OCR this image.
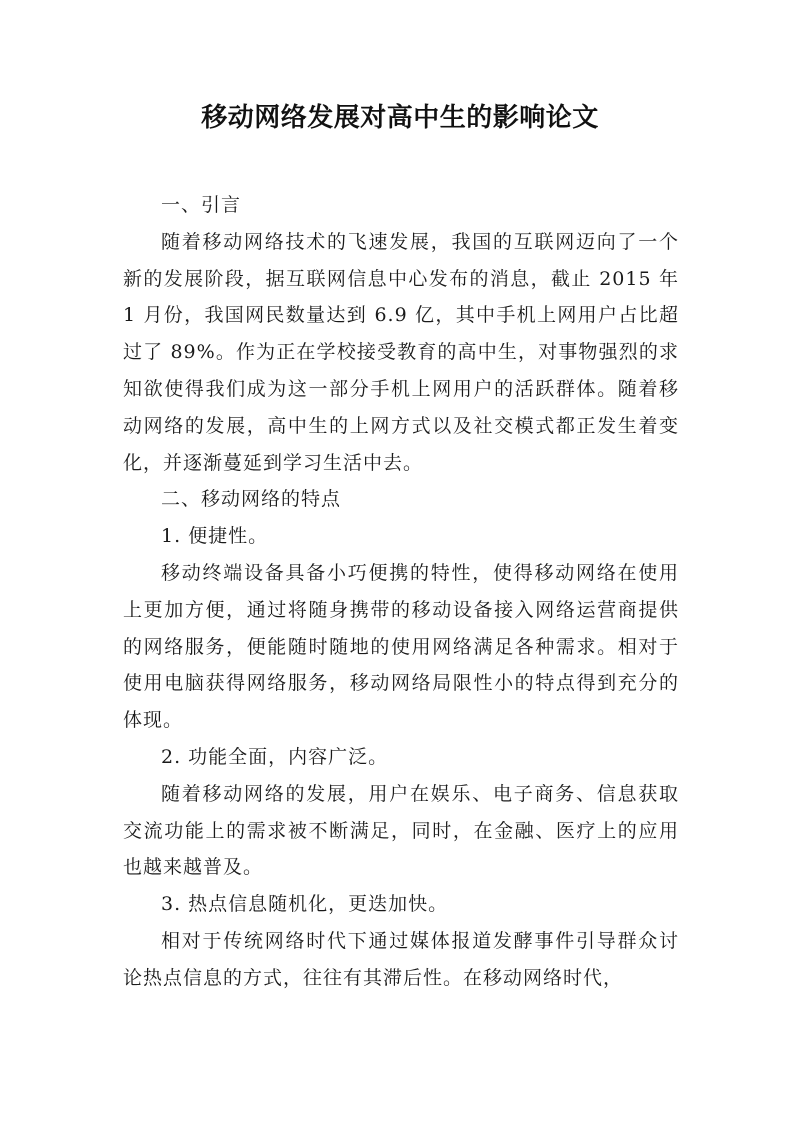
移动网络发展对高中生的影响论文

一、引言

随着移动网络技术的飞速发展，我国的互联网迈向了一个新的发展阶段，据互联网信息中心发布的消息，截止 2015 年 1 月份，我国网民数量达到 6.9 亿，其中手机上网用户占比超过了 89%。作为正在学校接受教育的高中生，对事物强烈的求知欲使得我们成为这一部分手机上网用户的活跃群体。随着移动网络的发展，高中生的上网方式以及社交模式都正发生着变化，并逐渐蔓延到学习生活中去。

二、移动网络的特点

1. 便捷性。

移动终端设备具备小巧便携的特性，使得移动网络在使用上更加方便，通过将随身携带的移动设备接入网络运营商提供的网络服务，便能随时随地的使用网络满足各种需求。相对于使用电脑获得网络服务，移动网络局限性小的特点得到充分的体现。

2. 功能全面，内容广泛。

随着移动网络的发展，用户在娱乐、电子商务、信息获取交流功能上的需求被不断满足，同时，在金融、医疗上的应用也越来越普及。

3. 热点信息随机化，更迭加快。

相对于传统网络时代下通过媒体报道发酵事件引导群众讨论热点信息的方式，往往有其滞后性。在移动网络时代，
